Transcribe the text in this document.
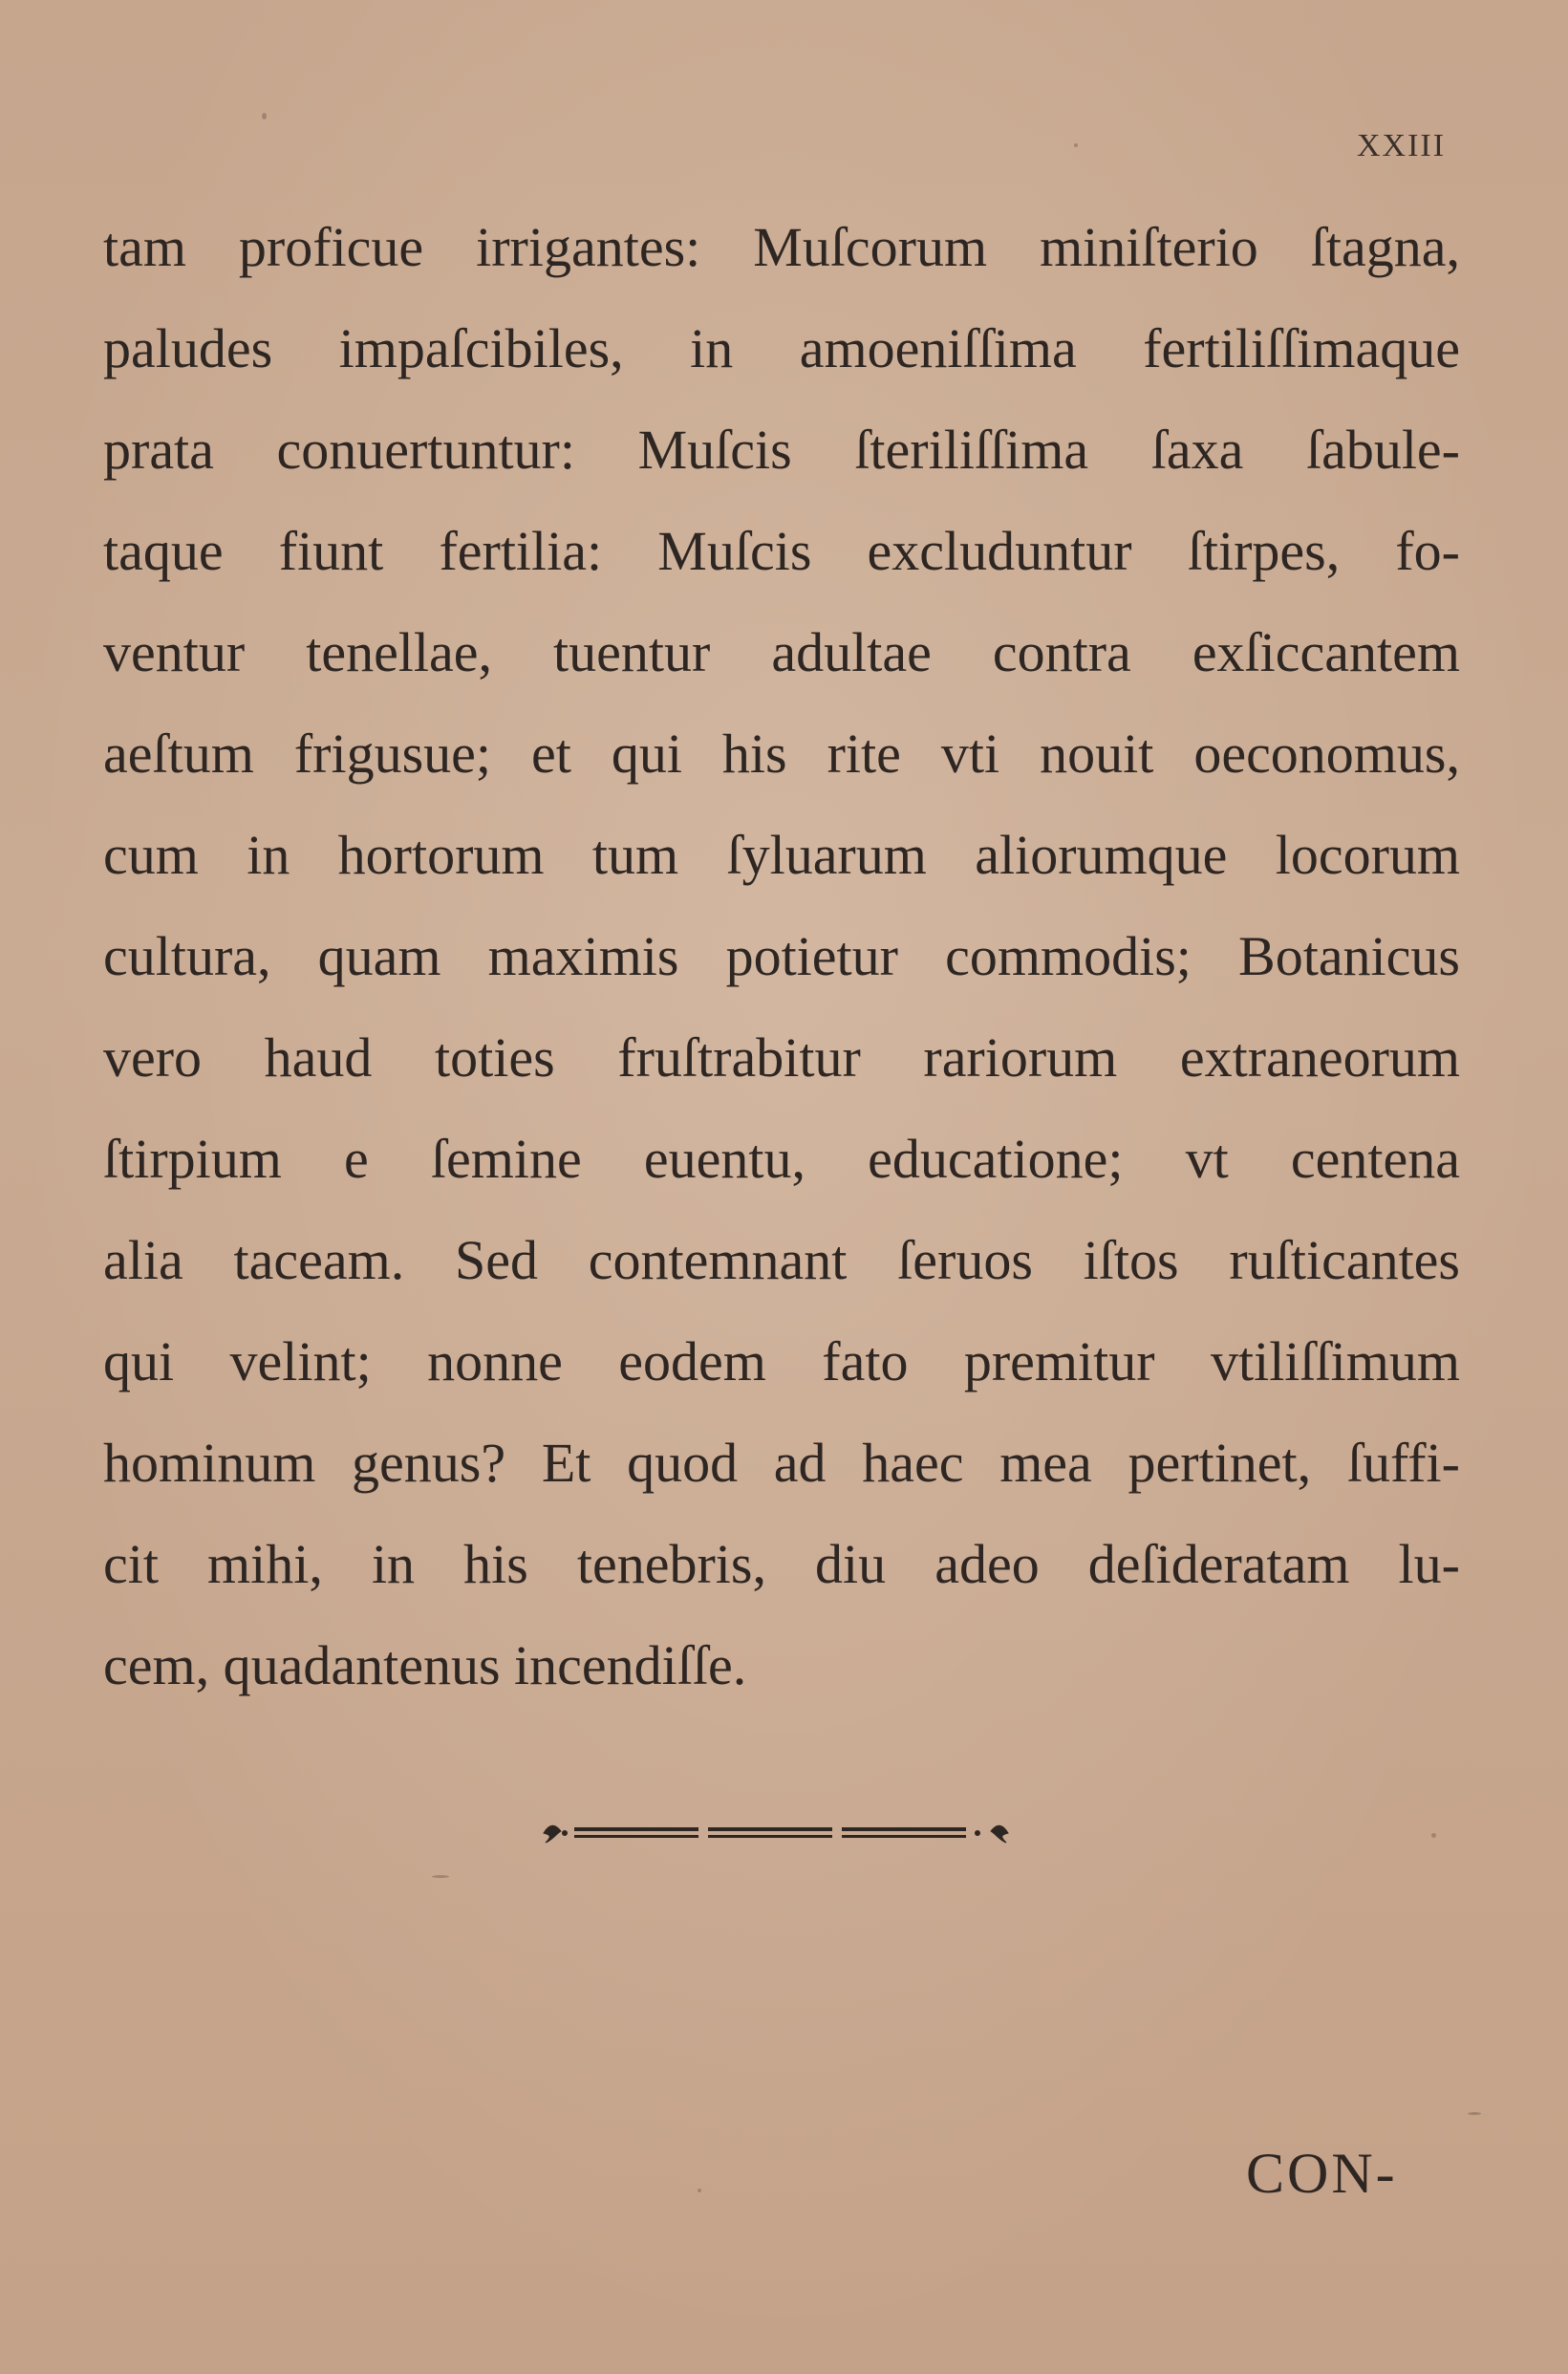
XXIII
tam proficue irrigantes: Muſcorum miniſterio ſtagna,
paludes impaſcibiles, in amoeniſſima fertiliſſimaque
prata conuertuntur: Muſcis ſteriliſſima ſaxa ſabule-
taque fiunt fertilia: Muſcis excluduntur ſtirpes, fo-
ventur tenellae, tuentur adultae contra exſiccantem
aeſtum frigusue; et qui his rite vti nouit oeconomus,
cum in hortorum tum ſyluarum aliorumque locorum
cultura, quam maximis potietur commodis; Botanicus
vero haud toties fruſtrabitur rariorum extraneorum
ſtirpium e ſemine euentu, educatione; vt centena
alia taceam. Sed contemnant ſeruos iſtos ruſticantes
qui velint; nonne eodem fato premitur vtiliſſimum
hominum genus? Et quod ad haec mea pertinet, ſuffi-
cit mihi, in his tenebris, diu adeo deſideratam lu-
cem, quadantenus incendiſſe.
CON-
